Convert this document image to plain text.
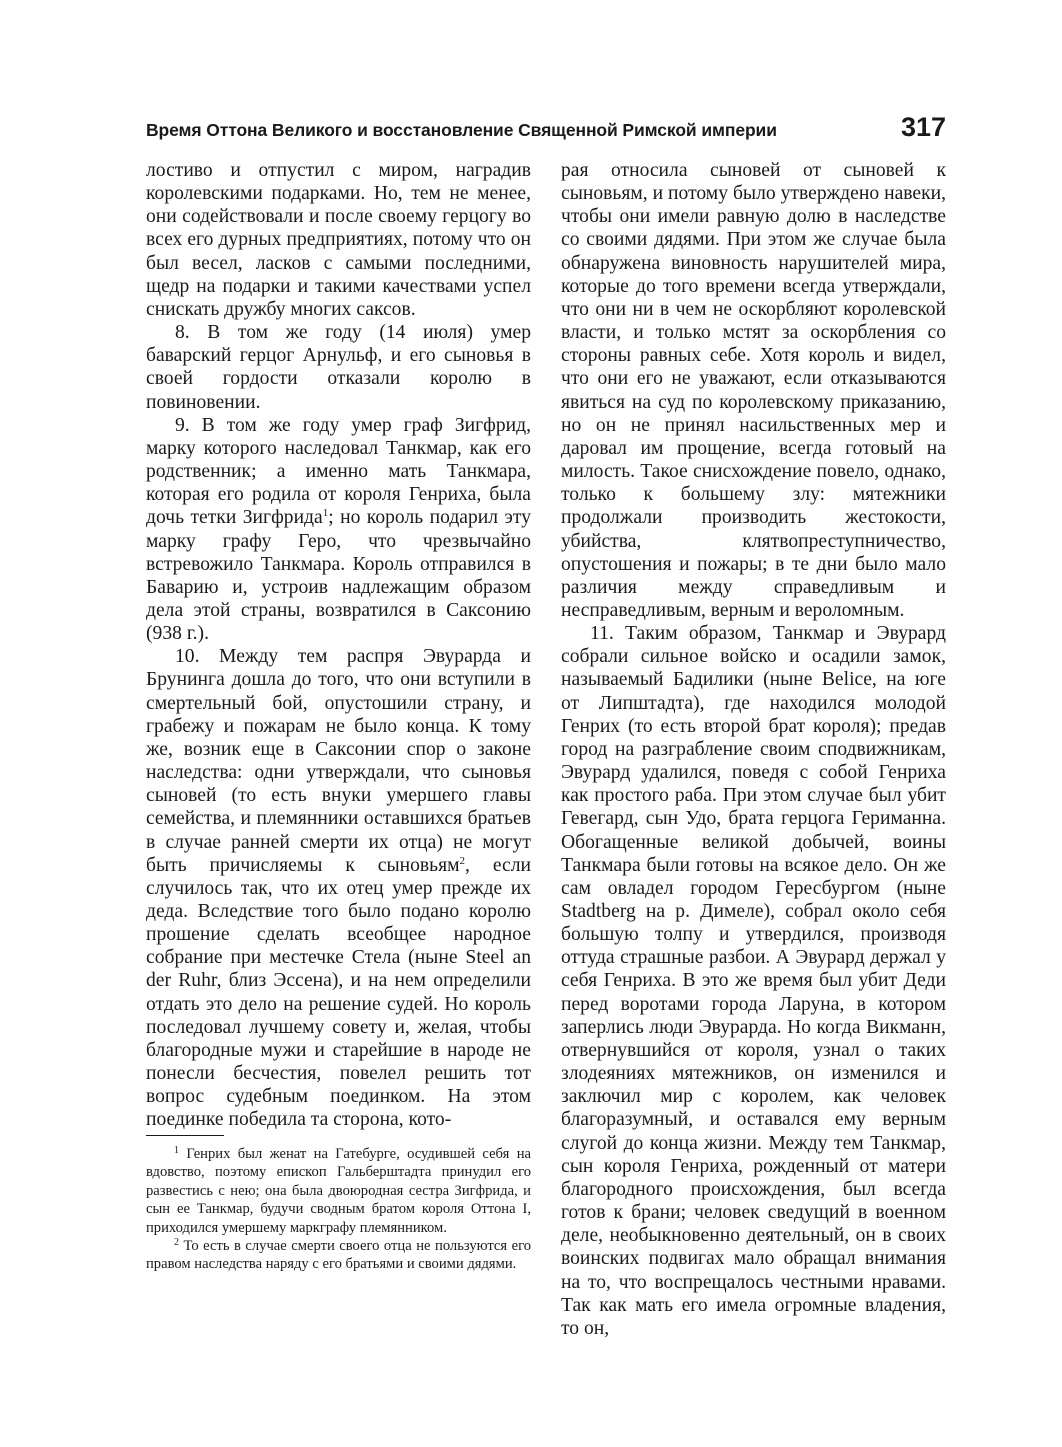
Время Оттона Великого и восстановление Священной Римской империи	317

лостиво и отпустил с миром, наградив королевскими подарками. Но, тем не менее, они содействовали и после своему герцогу во всех его дурных предприятиях, потому что он был весел, ласков с самыми последними, щедр на подарки и такими качествами успел снискать дружбу многих саксов.

8. В том же году (14 июля) умер баварский герцог Арнульф, и его сыновья в своей гордости отказали королю в повиновении.

9. В том же году умер граф Зигфрид, марку которого наследовал Танкмар, как его родственник; а именно мать Танкмара, которая его родила от короля Генриха, была дочь тетки Зигфрида$^1$; но король подарил эту марку графу Геро, что чрезвычайно встревожило Танкмара. Король отправился в Баварию и, устроив надлежащим образом дела этой страны, возвратился в Саксонию (938 г.).

10. Между тем распря Эвурарда и Брунинга дошла до того, что они вступили в смертельный бой, опустошили страну, и грабежу и пожарам не было конца. К тому же, возник еще в Саксонии спор о законе наследства: одни утверждали, что сыновья сыновей (то есть внуки умершего главы семейства, и племянники оставшихся братьев в случае ранней смерти их отца) не могут быть причисляемы к сыновьям$^2$, если случилось так, что их отец умер прежде их деда. Вследствие того было подано королю прошение сделать всеобщее народное собрание при местечке Стела (ныне Steel an der Ruhr, близ Эссена), и на нем определили отдать это дело на решение судей. Но король последовал лучшему совету и, желая, чтобы благородные мужи и старейшие в народе не понесли бесчестия, повелел решить тот вопрос судебным поединком. На этом поединке победила та сторона, кото-

$^1$ Генрих был женат на Гатебурге, осудившей себя на вдовство, поэтому епископ Гальберштадта принудил его развестись с нею; она была двоюродная сестра Зигфрида, и сын ее Танкмар, будучи сводным братом короля Оттона I, приходился умершему маркграфу племянником.

$^2$ То есть в случае смерти своего отца не пользуются его правом наследства наряду с его братьями и своими дядями.

рая относила сыновей от сыновей к сыновьям, и потому было утверждено навеки, чтобы они имели равную долю в наследстве со своими дядями. При этом же случае была обнаружена виновность нарушителей мира, которые до того времени всегда утверждали, что они ни в чем не оскорбляют королевской власти, и только мстят за оскорбления со стороны равных себе. Хотя король и видел, что они его не уважают, если отказываются явиться на суд по королевскому приказанию, но он не принял насильственных мер и даровал им прощение, всегда готовый на милость. Такое снисхождение повело, однако, только к большему злу: мятежники продолжали производить жестокости, убийства, клятвопреступничество, опустошения и пожары; в те дни было мало различия между справедливым и несправедливым, верным и вероломным.

11. Таким образом, Танкмар и Эвурард собрали сильное войско и осадили замок, называемый Бадилики (ныне Belice, на юге от Липштадта), где находился молодой Генрих (то есть второй брат короля); предав город на разграбление своим сподвижникам, Эвурард удалился, поведя с собой Генриха как простого раба. При этом случае был убит Гевегард, сын Удо, брата герцога Гериманна. Обогащенные великой добычей, воины Танкмара были готовы на всякое дело. Он же сам овладел городом Гересбургом (ныне Stadtberg на р. Димеле), собрал около себя большую толпу и утвердился, производя оттуда страшные разбои. А Эвурард держал у себя Генриха. В это же время был убит Деди перед воротами города Ларуна, в котором заперлись люди Эвурарда. Но когда Викманн, отвернувшийся от короля, узнал о таких злодеяниях мятежников, он изменился и заключил мир с королем, как человек благоразумный, и оставался ему верным слугой до конца жизни. Между тем Танкмар, сын короля Генриха, рожденный от матери благородного происхождения, был всегда готов к брани; человек сведущий в военном деле, необыкновенно деятельный, он в своих воинских подвигах мало обращал внимания на то, что воспрещалось честными нравами. Так как мать его имела огромные владения, то он,
